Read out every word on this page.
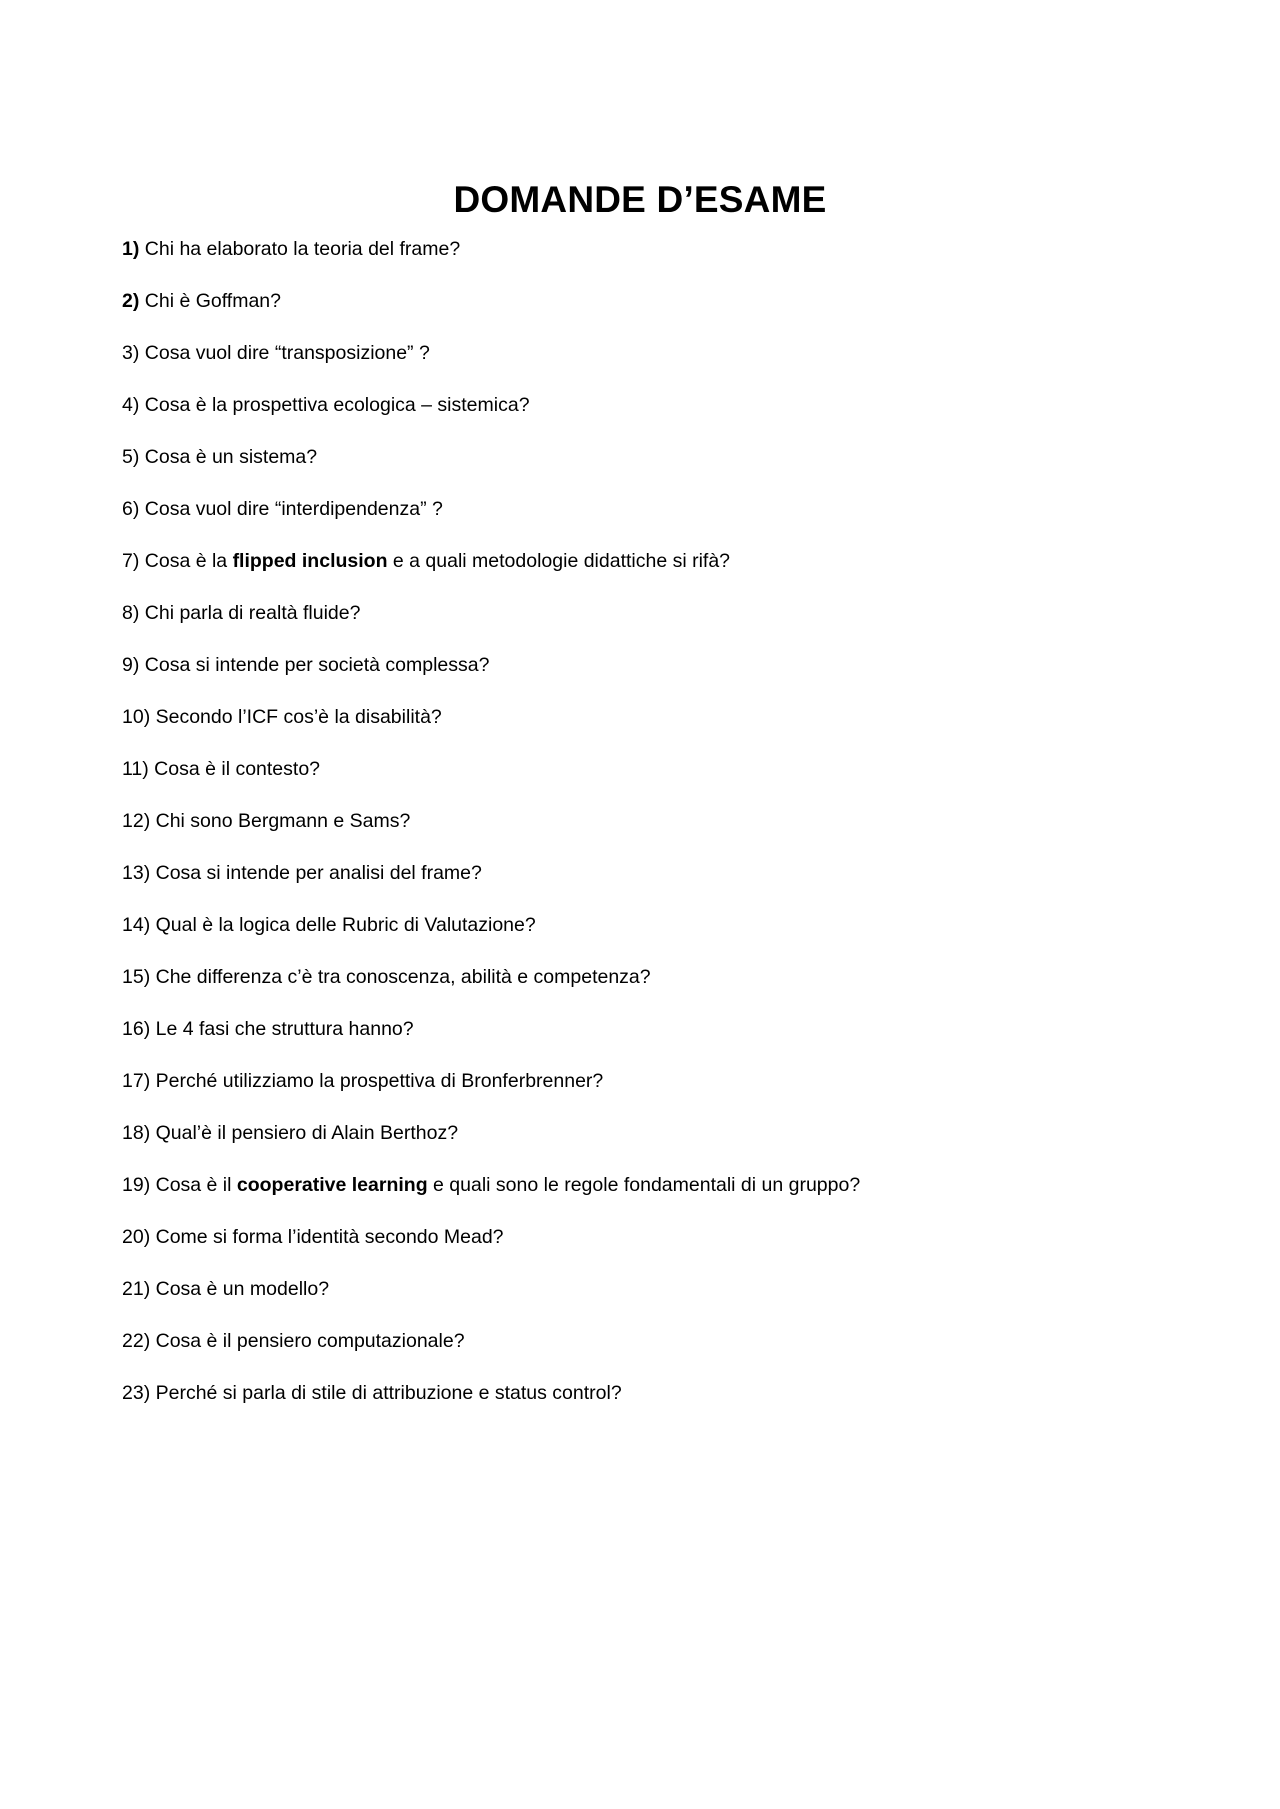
DOMANDE D’ESAME
1) Chi ha elaborato la teoria del frame?
2) Chi è Goffman?
3) Cosa vuol dire “transposizione” ?
4) Cosa è la prospettiva ecologica – sistemica?
5) Cosa è un sistema?
6) Cosa vuol dire “interdipendenza” ?
7) Cosa è la flipped inclusion e a quali metodologie didattiche si rifà?
8) Chi parla di realtà fluide?
9) Cosa si intende per società complessa?
10) Secondo l’ICF cos’è la disabilità?
11) Cosa è il contesto?
12) Chi sono Bergmann e Sams?
13) Cosa si intende per analisi del frame?
14) Qual è la logica delle Rubric di Valutazione?
15) Che differenza c’è tra conoscenza, abilità e competenza?
16) Le 4 fasi che struttura hanno?
17) Perché utilizziamo la prospettiva di Bronferbrenner?
18) Qual’è il pensiero di Alain Berthoz?
19) Cosa è il cooperative learning e quali sono le regole fondamentali di un gruppo?
20) Come si forma l’identità secondo Mead?
21) Cosa è un modello?
22) Cosa è il pensiero computazionale?
23) Perché si parla di stile di attribuzione e status control?
